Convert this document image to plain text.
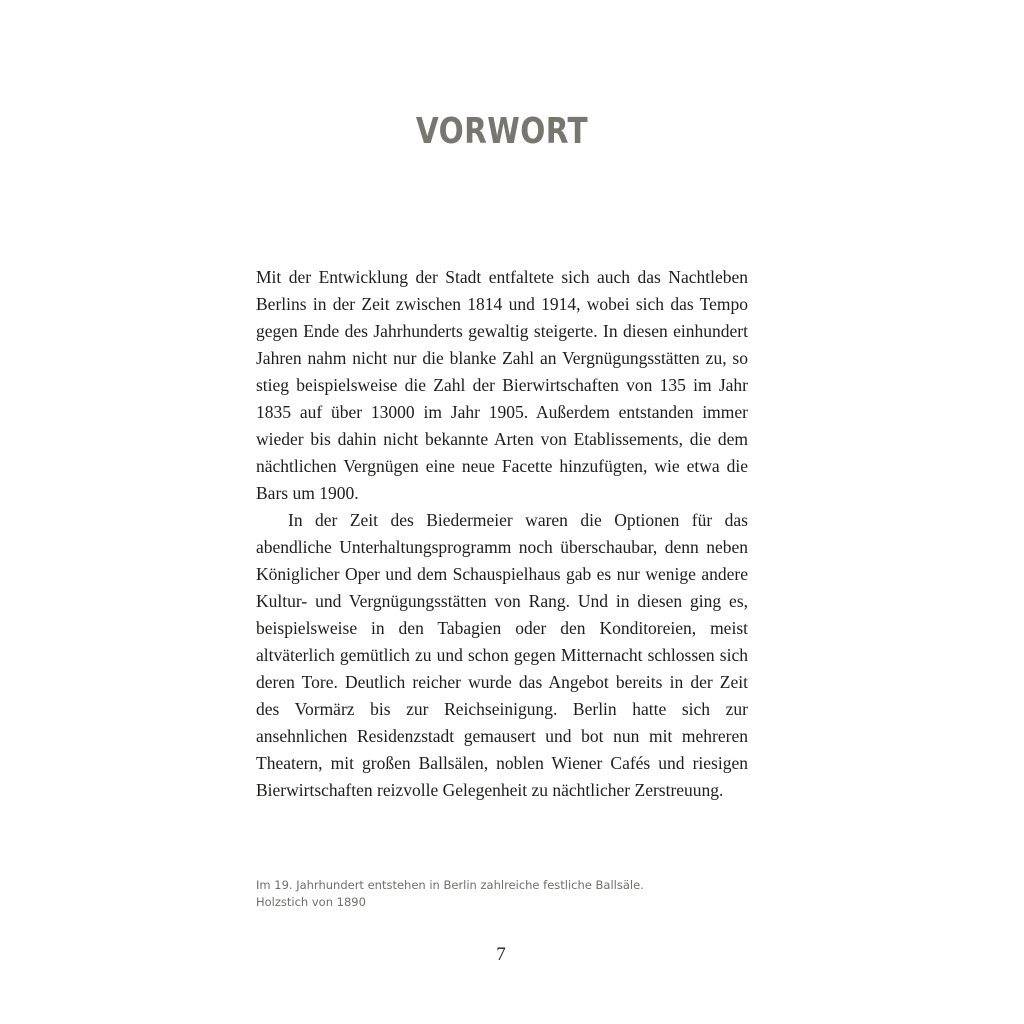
VORWORT

Mit der Entwicklung der Stadt entfaltete sich auch das Nachtleben Berlins in der Zeit zwischen 1814 und 1914, wobei sich das Tempo gegen Ende des Jahrhunderts gewaltig steigerte. In diesen einhundert Jahren nahm nicht nur die blanke Zahl an Vergnügungsstätten zu, so stieg beispielsweise die Zahl der Bierwirtschaften von 135 im Jahr 1835 auf über 13000 im Jahr 1905. Außerdem entstanden immer wieder bis dahin nicht bekannte Arten von Etablissements, die dem nächtlichen Vergnügen eine neue Facette hinzufügten, wie etwa die Bars um 1900.

In der Zeit des Biedermeier waren die Optionen für das abendliche Unterhaltungsprogramm noch überschaubar, denn neben Königlicher Oper und dem Schauspielhaus gab es nur wenige andere Kultur- und Vergnügungsstätten von Rang. Und in diesen ging es, beispielsweise in den Tabagien oder den Konditoreien, meist altväterlich gemütlich zu und schon gegen Mitternacht schlossen sich deren Tore. Deutlich reicher wurde das Angebot bereits in der Zeit des Vormärz bis zur Reichseinigung. Berlin hatte sich zur ansehnlichen Residenzstadt gemausert und bot nun mit mehreren Theatern, mit großen Ballsälen, noblen Wiener Cafés und riesigen Bierwirtschaften reizvolle Gelegenheit zu nächtlicher Zerstreuung.

Im 19. Jahrhundert entstehen in Berlin zahlreiche festliche Ballsäle.
Holzstich von 1890
7
